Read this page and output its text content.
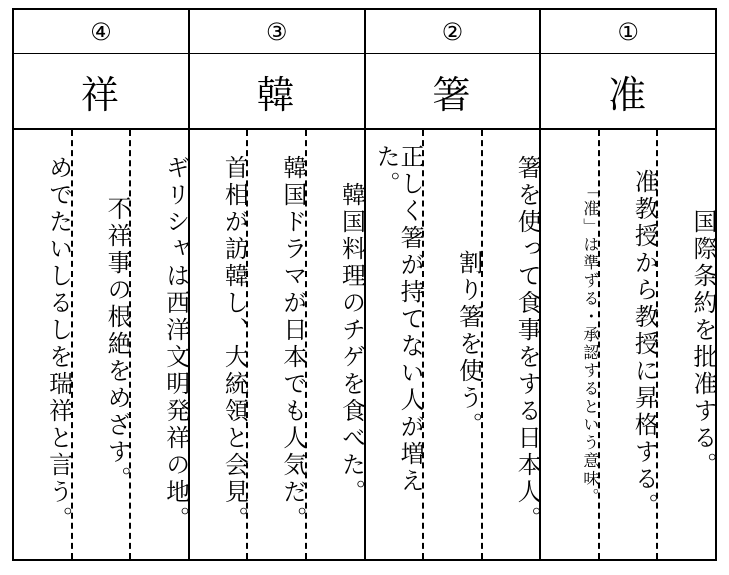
④
祥
ギリシャは西洋文明発祥の地。
不祥事の根絶をめざす。
めでたいしるしを瑞祥と言う。
③
韓
韓国料理のチゲを食べた。
韓国ドラマが日本でも人気だ。
首相が訪韓し、大統領と会見。
②
箸
箸を使って食事をする日本人。
割り箸を使う。
正しく箸が持てない人が増えた。
①
准
国際条約を批准する。
准教授から教授に昇格する。
「准」は準ずる・承認するという意味。
